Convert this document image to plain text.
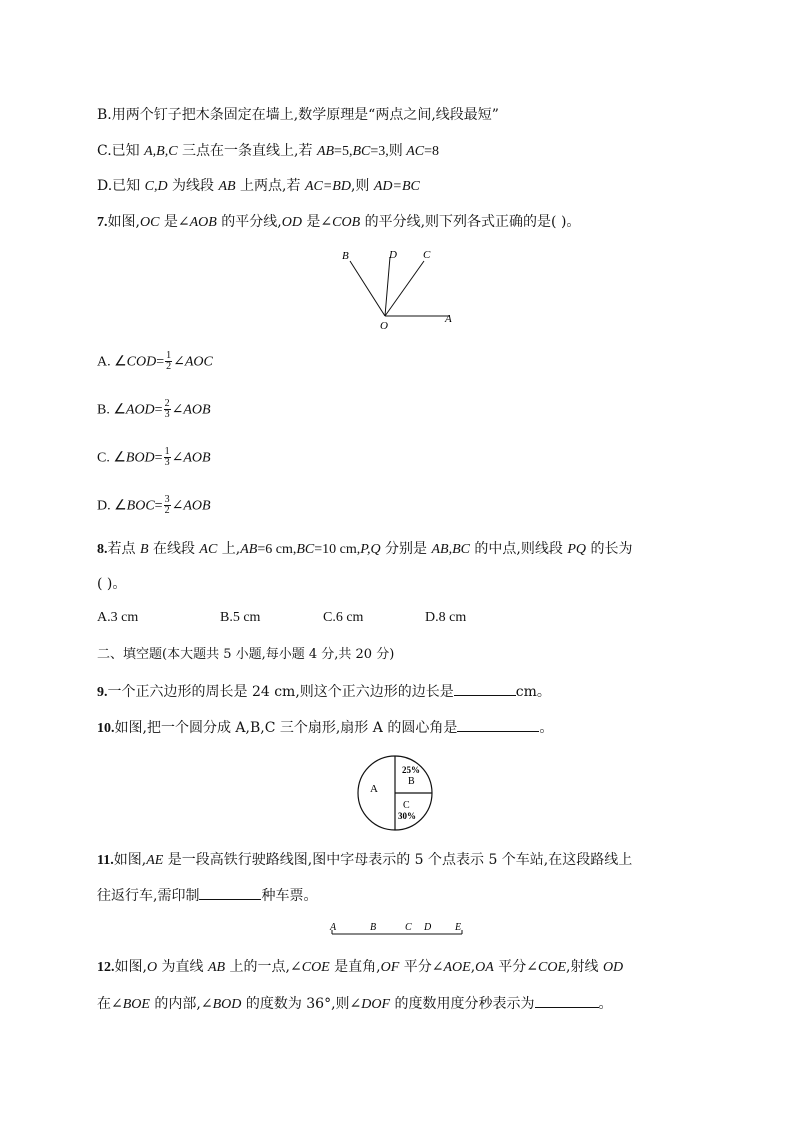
B.用两个钉子把木条固定在墙上,数学原理是“两点之间,线段最短”
C.已知 A,B,C 三点在一条直线上,若 AB=5,BC=3,则 AC=8
D.已知 C,D 为线段 AB 上两点,若 AC=BD,则 AD=BC
7.如图,OC 是∠AOB 的平分线,OD 是∠COB 的平分线,则下列各式正确的是( )。
B	D C
O
A
A. ∠COD= $\frac{1}{2}$ ∠AOC
B. ∠AOD= $\frac{2}{3}$ ∠AOB
C. ∠BOD= $\frac{1}{3}$ ∠AOB
D. ∠BOC= $\frac{3}{2}$ ∠AOB
8.若点 B 在线段 AC 上,AB=6 cm,BC=10 cm,P,Q 分别是 AB,BC 的中点,则线段 PQ 的长为
( )。
A.3 cm	B.5 cm	C.6 cm	D.8 cm
二、填空题(本大题共 5 小题,每小题 4 分,共 20 分)
9.一个正六边形的周长是 24 cm,则这个正六边形的边长是	cm。
10.如图,把一个圆分成 A,B,C 三个扇形,扇形 A 的圆心角是	。
A
25%
B
C
30%
11.如图,AE 是一段高铁行驶路线图,图中字母表示的 5 个点表示 5 个车站,在这段路线上
往返行车,需印制	种车票。
A	B	C D E
12.如图,O 为直线 AB 上的一点,∠COE 是直角,OF 平分∠AOE,OA 平分∠COE,射线 OD
在∠BOE 的内部,∠BOD 的度数为 36°,则∠DOF 的度数用度分秒表示为	。
